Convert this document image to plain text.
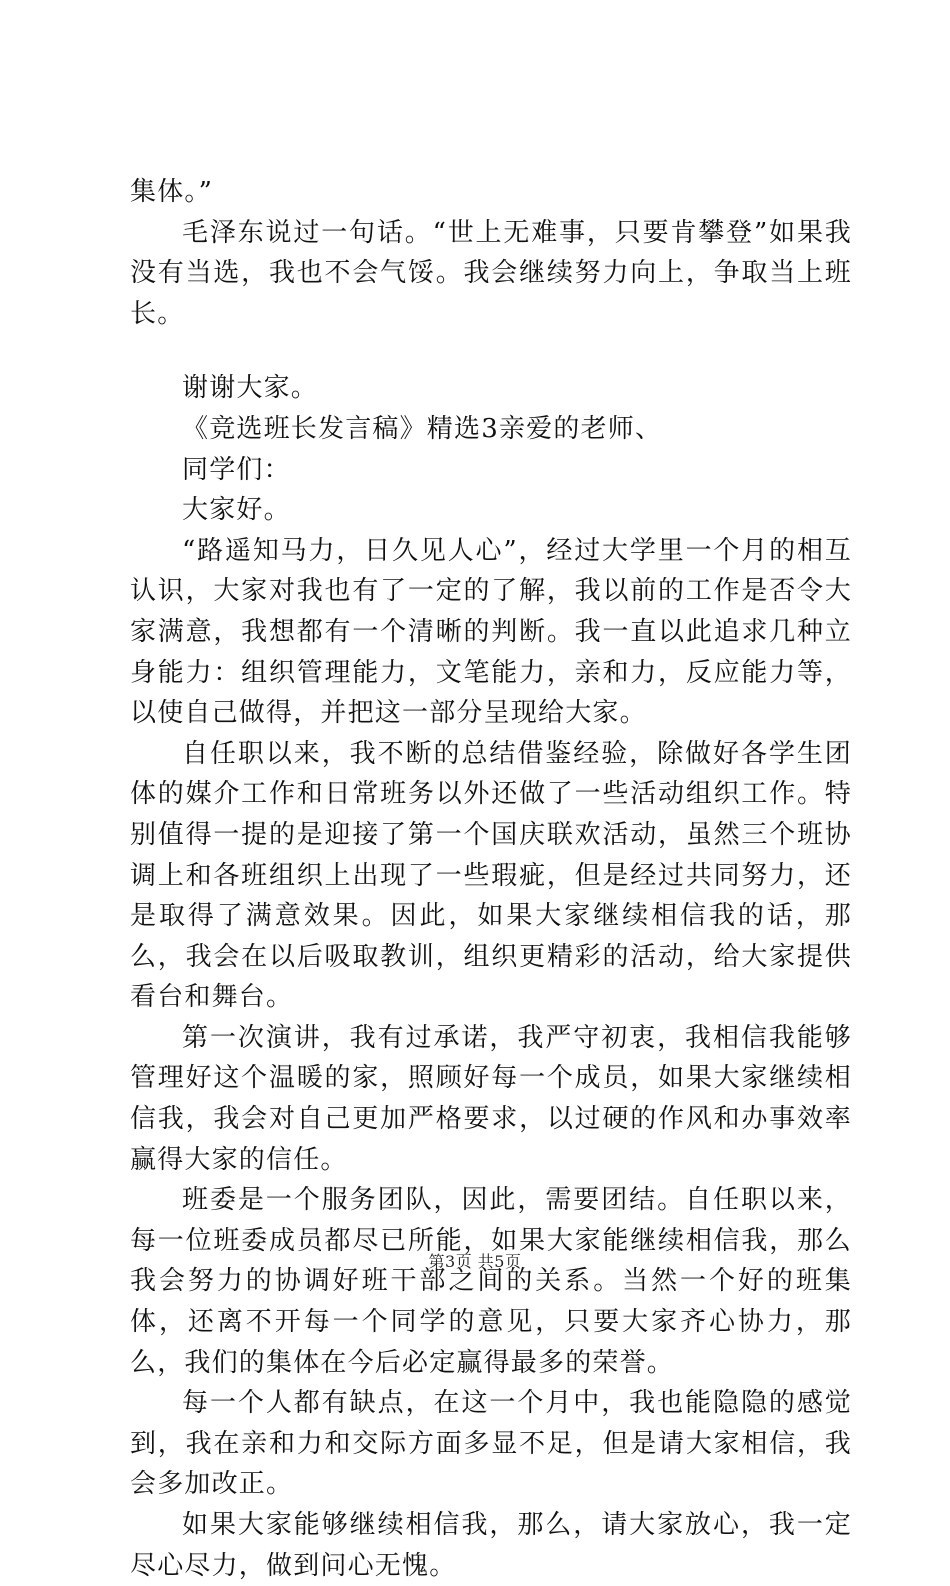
集体。”

毛泽东说过一句话。“世上无难事，只要肯攀登”如果我没有当选，我也不会气馁。我会继续努力向上，争取当上班长。

谢谢大家。

《竞选班长发言稿》精选3亲爱的老师、

同学们：

大家好。

“路遥知马力，日久见人心”，经过大学里一个月的相互认识，大家对我也有了一定的了解，我以前的工作是否令大家满意，我想都有一个清晰的判断。我一直以此追求几种立身能力：组织管理能力，文笔能力，亲和力，反应能力等，以使自己做得，并把这一部分呈现给大家。

自任职以来，我不断的总结借鉴经验，除做好各学生团体的媒介工作和日常班务以外还做了一些活动组织工作。特别值得一提的是迎接了第一个国庆联欢活动，虽然三个班协调上和各班组织上出现了一些瑕疵，但是经过共同努力，还是取得了满意效果。因此，如果大家继续相信我的话，那么，我会在以后吸取教训，组织更精彩的活动，给大家提供看台和舞台。

第一次演讲，我有过承诺，我严守初衷，我相信我能够管理好这个温暖的家，照顾好每一个成员，如果大家继续相信我，我会对自己更加严格要求，以过硬的作风和办事效率赢得大家的信任。

班委是一个服务团队，因此，需要团结。自任职以来，每一位班委成员都尽已所能，如果大家能继续相信我，那么我会努力的协调好班干部之间的关系。当然一个好的班集体，还离不开每一个同学的意见，只要大家齐心协力，那么，我们的集体在今后必定赢得最多的荣誉。

每一个人都有缺点，在这一个月中，我也能隐隐的感觉到，我在亲和力和交际方面多显不足，但是请大家相信，我会多加改正。

如果大家能够继续相信我，那么，请大家放心，我一定尽心尽力，做到问心无愧。

第3页 共5页
